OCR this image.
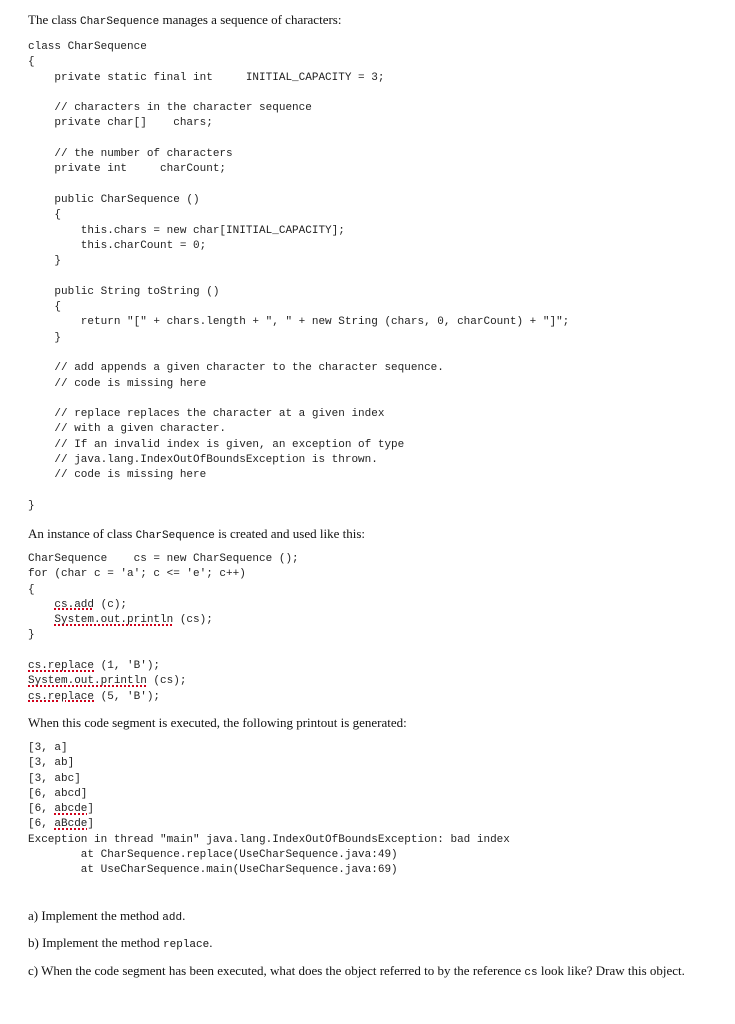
The class CharSequence manages a sequence of characters:
class CharSequence
{
private static final int     INITIAL_CAPACITY = 3;
// characters in the character sequence
private char[]    chars;
// the number of characters
private int     charCount;
public CharSequence ()
{
this.chars = new char[INITIAL_CAPACITY];
this.charCount = 0;
}
public String toString ()
{
return "[" + chars.length + ", " + new String (chars, 0, charCount) + "]";
}
// add appends a given character to the character sequence.
// code is missing here
// replace replaces the character at a given index
// with a given character.
// If an invalid index is given, an exception of type
// java.lang.IndexOutOfBoundsException is thrown.
// code is missing here
}
An instance of class CharSequence is created and used like this:
CharSequence    cs = new CharSequence ();
for (char c = 'a'; c <= 'e'; c++)
{
cs.add (c);
System.out.println (cs);
}
cs.replace (1, 'B');
System.out.println (cs);
cs.replace (5, 'B');
When this code segment is executed, the following printout is generated:
[3, a]
[3, ab]
[3, abc]
[6, abcd]
[6, abcde]
[6, aBcde]
Exception in thread "main" java.lang.IndexOutOfBoundsException: bad index
at CharSequence.replace(UseCharSequence.java:49)
at UseCharSequence.main(UseCharSequence.java:69)
a) Implement the method add.
b) Implement the method replace.
c) When the code segment has been executed, what does the object referred to by the reference cs look like? Draw this object.
